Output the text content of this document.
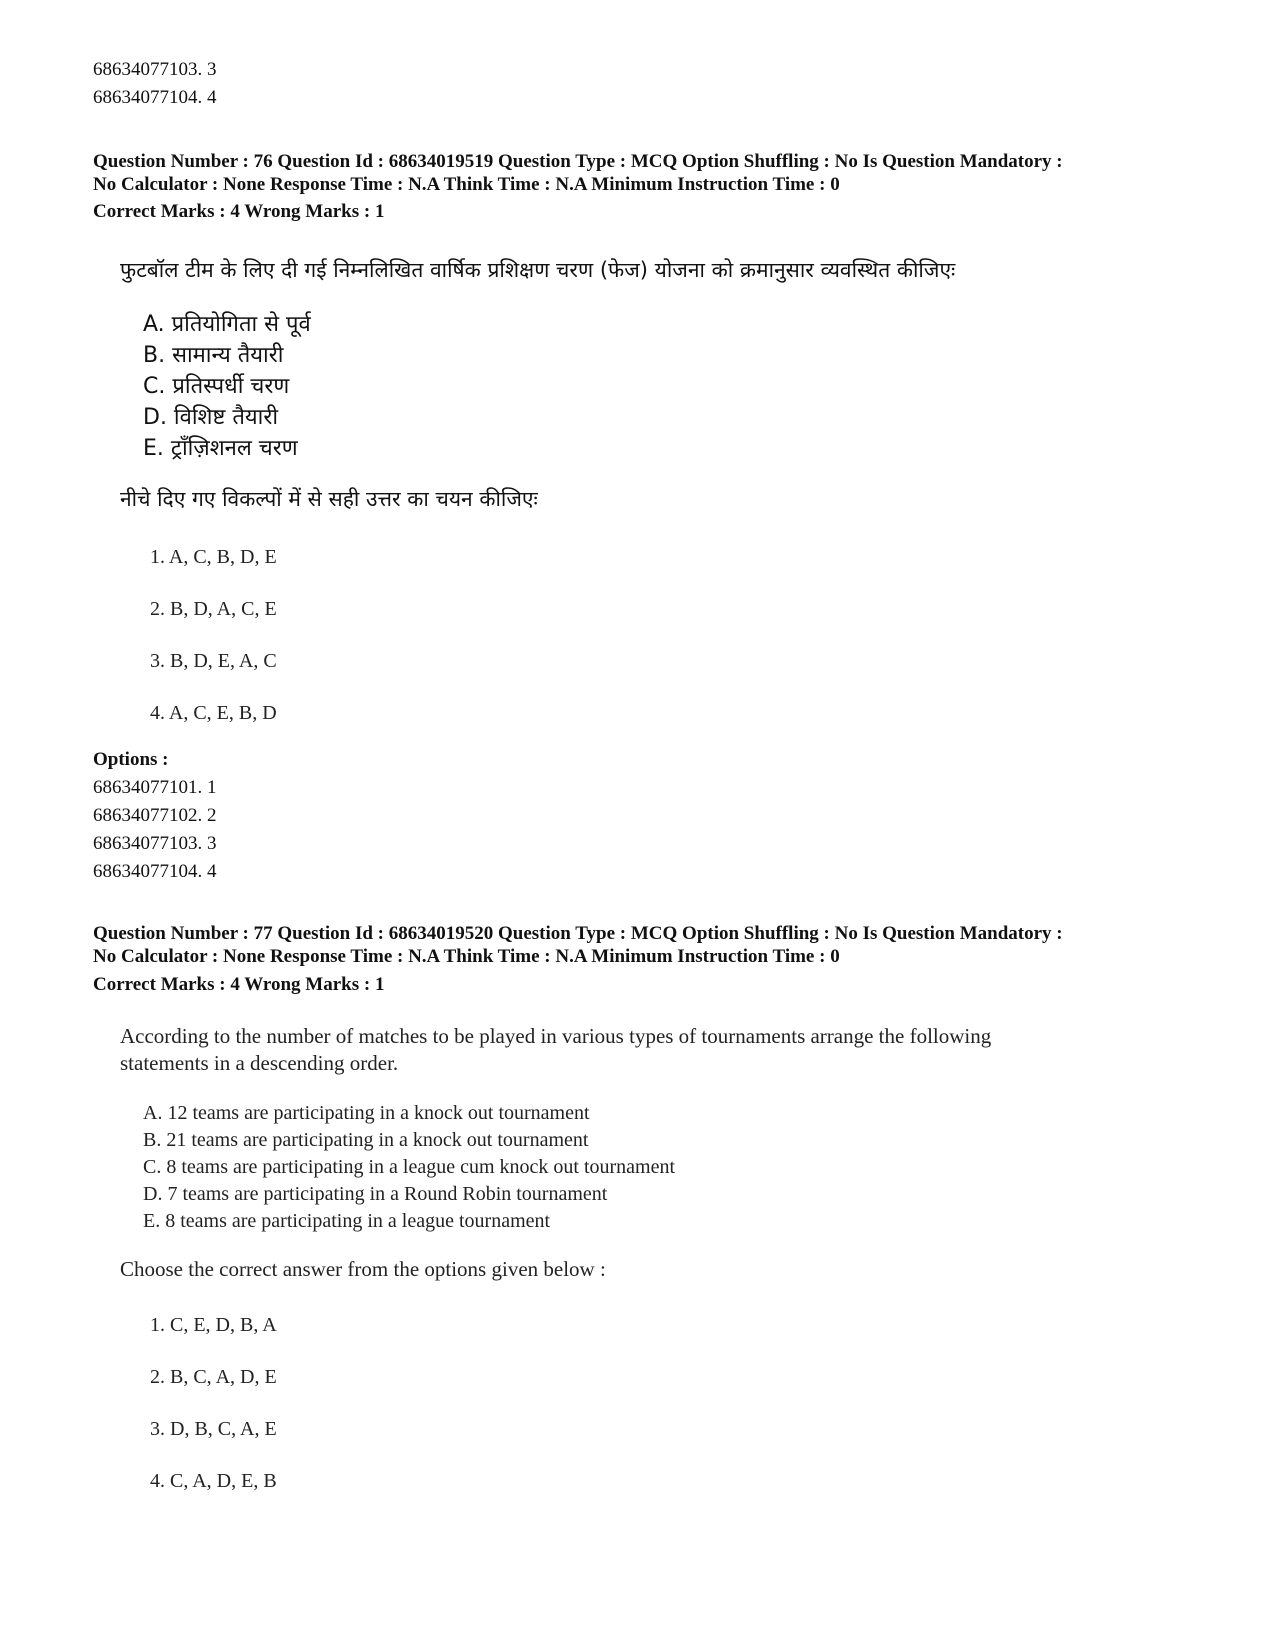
68634077103. 3
68634077104. 4
Question Number : 76 Question Id : 68634019519 Question Type : MCQ Option Shuffling : No Is Question Mandatory :
No Calculator : None Response Time : N.A Think Time : N.A Minimum Instruction Time : 0
Correct Marks : 4 Wrong Marks : 1
फुटबॉल टीम के लिए दी गई निम्नलिखित वार्षिक प्रशिक्षण चरण (फेज) योजना को क्रमानुसार व्यवस्थित कीजिएः
A. प्रतियोगिता से पूर्व
B. सामान्य तैयारी
C. प्रतिस्पर्धी चरण
D. विशिष्ट तैयारी
E. ट्राँज़िशनल चरण
नीचे दिए गए विकल्पों में से सही उत्तर का चयन कीजिएः
1. A, C, B, D, E
2. B, D, A, C, E
3. B, D, E, A, C
4. A, C, E, B, D
Options :
68634077101. 1
68634077102. 2
68634077103. 3
68634077104. 4
Question Number : 77 Question Id : 68634019520 Question Type : MCQ Option Shuffling : No Is Question Mandatory :
No Calculator : None Response Time : N.A Think Time : N.A Minimum Instruction Time : 0
Correct Marks : 4 Wrong Marks : 1
According to the number of matches to be played in various types of tournaments arrange the following
statements in a descending order.
A. 12 teams are participating in a knock out tournament
B. 21 teams are participating in a knock out tournament
C. 8 teams are participating in a league cum knock out tournament
D. 7 teams are participating in a Round Robin tournament
E. 8 teams are participating in a league tournament
Choose the correct answer from the options given below :
1. C, E, D, B, A
2. B, C, A, D, E
3. D, B, C, A, E
4. C, A, D, E, B
